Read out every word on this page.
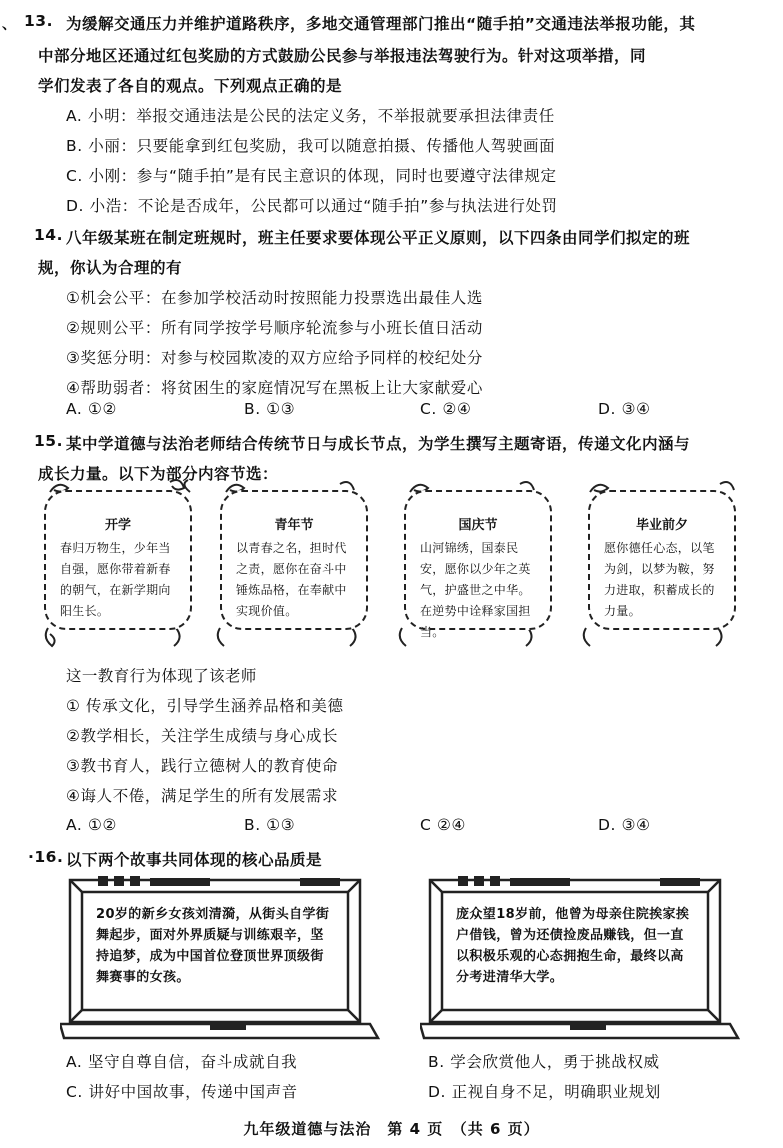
、 13. 为缓解交通压力并维护道路秩序，多地交通管理部门推出“随手拍”交通违法举报功能，其
中部分地区还通过红包奖励的方式鼓励公民参与举报违法驾驶行为。针对这项举措，同
学们发表了各自的观点。下列观点正确的是
A. 小明：举报交通违法是公民的法定义务，不举报就要承担法律责任
B. 小丽：只要能拿到红包奖励，我可以随意拍摄、传播他人驾驶画面
C. 小刚：参与“随手拍”是有民主意识的体现，同时也要遵守法律规定
D. 小浩：不论是否成年，公民都可以通过“随手拍”参与执法进行处罚
14. 八年级某班在制定班规时，班主任要求要体现公平正义原则，以下四条由同学们拟定的班
规，你认为合理的有
①机会公平：在参加学校活动时按照能力投票选出最佳人选
②规则公平：所有同学按学号顺序轮流参与小班长值日活动
③奖惩分明：对参与校园欺凌的双方应给予同样的校纪处分
④帮助弱者：将贫困生的家庭情况写在黑板上让大家献爱心
A. ①②	B. ①③	C. ②④	D. ③④
15. 某中学道德与法治老师结合传统节日与成长节点，为学生撰写主题寄语，传递文化内涵与
成长力量。以下为部分内容节选：
开学
春归万物生，少年当自强，愿你带着新春的朝气，在新学期向阳生长。
青年节
以青春之名，担时代之责，愿你在奋斗中锤炼品格，在奉献中实现价值。
国庆节
山河锦绣，国泰民安，愿你以少年之英气，护盛世之中华。在逆势中诠释家国担当。
毕业前夕
愿你德任心态，以笔为剑，以梦为鞍，努力进取，积蓄成长的力量。
这一教育行为体现了该老师
① 传承文化，引导学生涵养品格和美德
②教学相长，关注学生成绩与身心成长
③教书育人，践行立德树人的教育使命
④诲人不倦，满足学生的所有发展需求
A. ①②	B. ①③	C ②④	D. ③④
·16. 以下两个故事共同体现的核心品质是
20岁的新乡女孩刘清漪，从街头自学街舞起步，面对外界质疑与训练艰辛，坚持追梦，成为中国首位登顶世界顶级街舞赛事的女孩。
庞众望18岁前，他曾为母亲住院挨家挨户借钱，曾为还债捡废品赚钱，但一直以积极乐观的心态拥抱生命，最终以高分考进清华大学。
A. 坚守自尊自信，奋斗成就自我	B. 学会欣赏他人，勇于挑战权威
C. 讲好中国故事，传递中国声音	D. 正视自身不足，明确职业规划
九年级道德与法治　第 4 页　（共 6 页）
